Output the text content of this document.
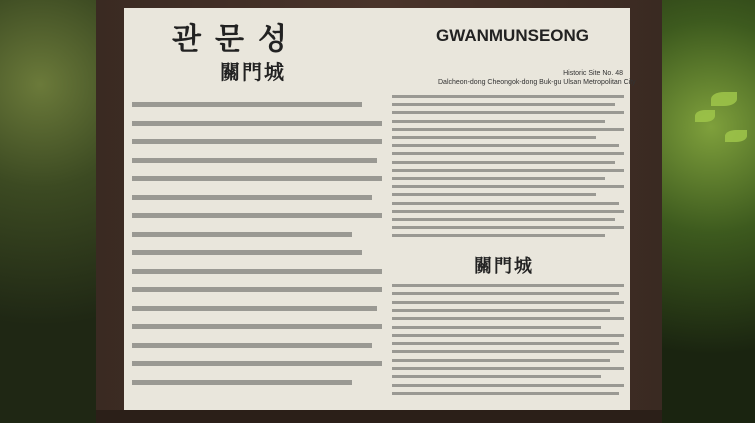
관문성
關門城
GWANMUNSEONG
Historic Site No. 48
Dalcheon-dong Cheongok-dong Buk-gu Ulsan Metropolitan City
關門城
